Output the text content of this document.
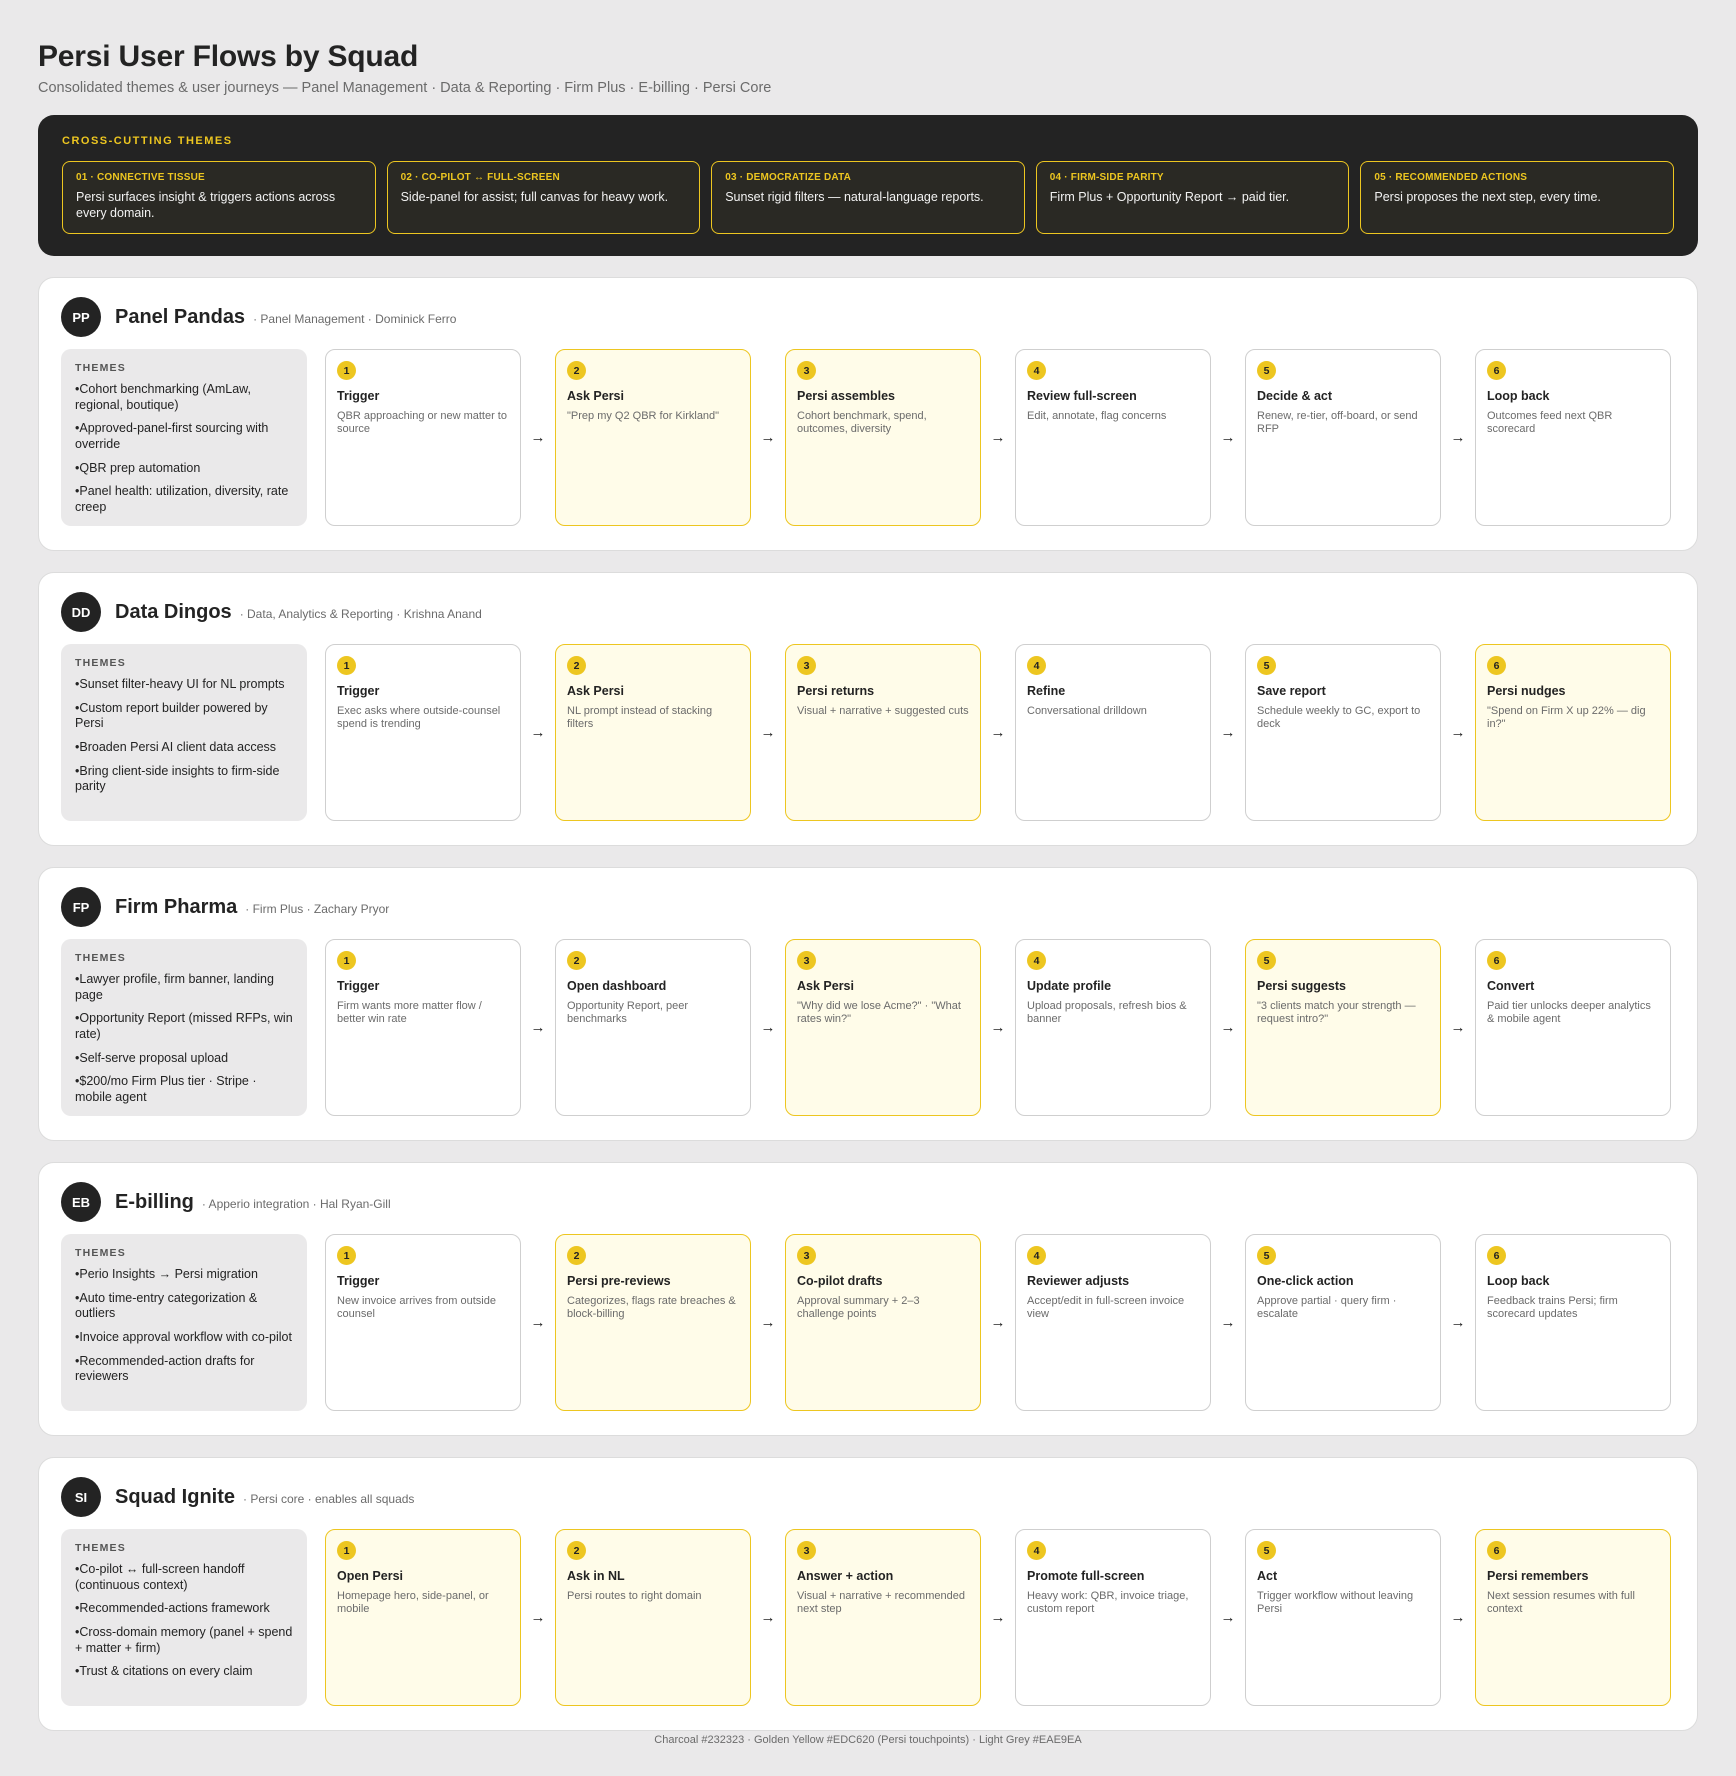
Persi User Flows by Squad
Consolidated themes & user journeys — Panel Management · Data & Reporting · Firm Plus · E-billing · Persi Core
CROSS-CUTTING THEMES
01 · CONNECTIVE TISSUE
Persi surfaces insight & triggers actions across every domain.
02 · CO-PILOT ↔ FULL-SCREEN
Side-panel for assist; full canvas for heavy work.
03 · DEMOCRATIZE DATA
Sunset rigid filters — natural-language reports.
04 · FIRM-SIDE PARITY
Firm Plus + Opportunity Report → paid tier.
05 · RECOMMENDED ACTIONS
Persi proposes the next step, every time.
PP	Panel Pandas · Panel Management · Dominick Ferro
THEMES
• Cohort benchmarking (AmLaw, regional, boutique)
• Approved-panel-first sourcing with override
• QBR prep automation
• Panel health: utilization, diversity, rate creep
1
Trigger
QBR approaching or new matter to source	→
2
Ask Persi
"Prep my Q2 QBR for Kirkland"
→
3
Persi assembles
Cohort benchmark, spend, outcomes, diversity	→
4
Review full-screen
Edit, annotate, flag concerns
→
5
Decide & act
Renew, re-tier, off-board, or send RFP	→
6
Loop back
Outcomes feed next QBR scorecard
DD	Data Dingos · Data, Analytics & Reporting · Krishna Anand
THEMES
• Sunset filter-heavy UI for NL prompts
• Custom report builder powered by Persi
• Broaden Persi AI client data access
• Bring client-side insights to firm-side parity
1
Trigger
Exec asks where outside-counsel spend is trending	→
2
Ask Persi
NL prompt instead of stacking filters	→
3
Persi returns
Visual + narrative + suggested cuts
→
4
Refine
Conversational drilldown
→
5
Save report
Schedule weekly to GC, export to deck	→
6
Persi nudges
"Spend on Firm X up 22% — dig in?"
FP	Firm Pharma · Firm Plus · Zachary Pryor
THEMES
• Lawyer profile, firm banner, landing page
• Opportunity Report (missed RFPs, win rate)
• Self-serve proposal upload
• $200/mo Firm Plus tier · Stripe · mobile agent
1
Trigger
Firm wants more matter flow / better win rate	→
2
Open dashboard
Opportunity Report, peer benchmarks	→
3
Ask Persi
"Why did we lose Acme?" · "What rates win?"	→
4
Update profile
Upload proposals, refresh bios & banner	→
5
Persi suggests
"3 clients match your strength — request intro?"	→
6
Convert
Paid tier unlocks deeper analytics & mobile agent
EB	E-billing · Apperio integration · Hal Ryan-Gill
THEMES
• Perio Insights → Persi migration
• Auto time-entry categorization & outliers
• Invoice approval workflow with co-pilot
• Recommended-action drafts for reviewers
1
Trigger
New invoice arrives from outside counsel	→
2
Persi pre-reviews
Categorizes, flags rate breaches & block-billing	→
3
Co-pilot drafts
Approval summary + 2–3 challenge points	→
4
Reviewer adjusts
Accept/edit in full-screen invoice view	→
5
One-click action
Approve partial · query firm · escalate	→
6
Loop back
Feedback trains Persi; firm scorecard updates
SI	Squad Ignite · Persi core · enables all squads
THEMES
• Co-pilot ↔ full-screen handoff (continuous context)
• Recommended-actions framework
• Cross-domain memory (panel + spend + matter + firm)
• Trust & citations on every claim
1
Open Persi
Homepage hero, side-panel, or mobile	→
2
Ask in NL
Persi routes to right domain
→
3
Answer + action
Visual + narrative + recommended next step	→
4
Promote full-screen
Heavy work: QBR, invoice triage, custom report	→
5
Act
Trigger workflow without leaving Persi	→
6
Persi remembers
Next session resumes with full context
Charcoal #232323 · Golden Yellow #EDC620 (Persi touchpoints) · Light Grey #EAE9EA
